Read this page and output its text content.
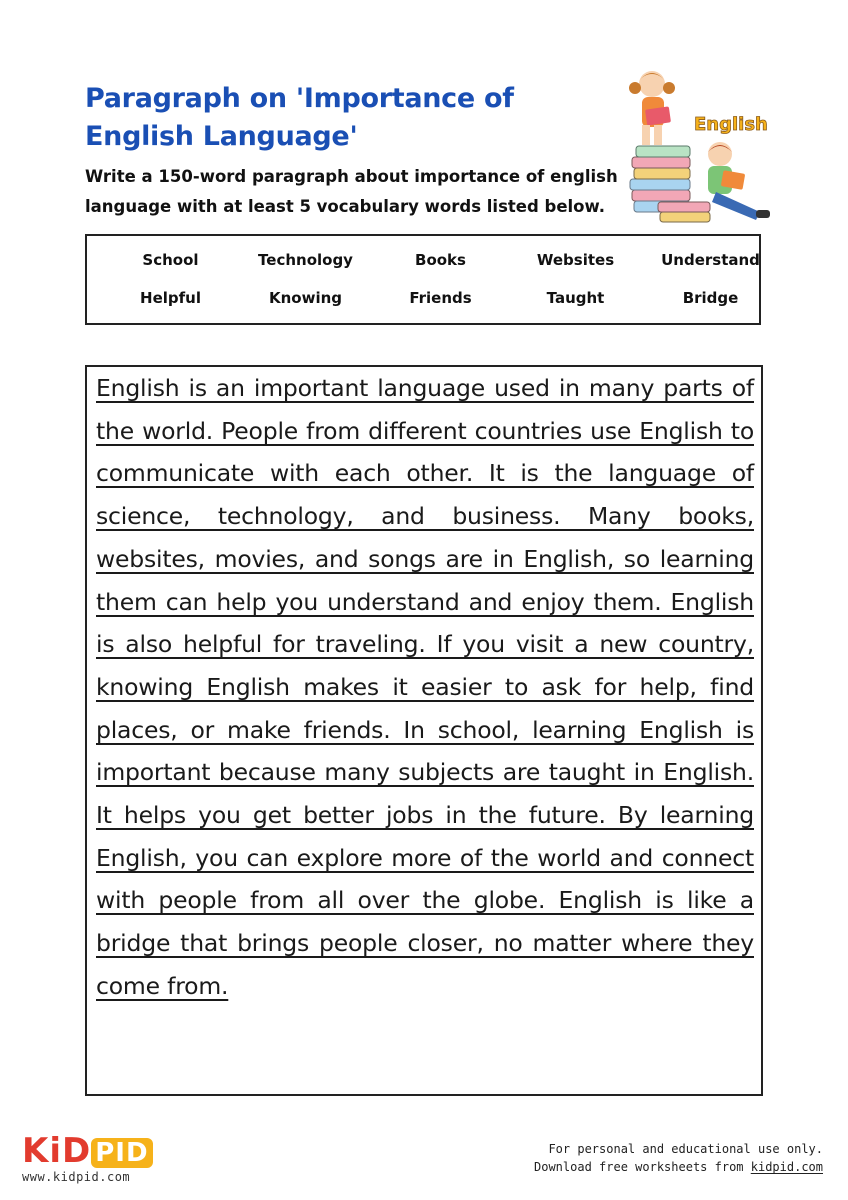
Paragraph on 'Importance of English Language'
Write a 150-word paragraph about importance of english language with at least 5 vocabulary words listed below.
English
School	Technology	Books	Websites	Understand
Helpful	Knowing	Friends	Taught	Bridge
English is an important language used in many parts of the world. People from different countries use English to communicate with each other. It is the language of science, technology, and business. Many books, websites, movies, and songs are in English, so learning them can help you understand and enjoy them. English is also helpful for traveling. If you visit a new country, knowing English makes it easier to ask for help, find places, or make friends. In school, learning English is important because many subjects are taught in English. It helps you get better jobs in the future. By learning English, you can explore more of the world and connect with people from all over the globe. English is like a bridge that brings people closer, no matter where they come from.
KiD PID
www.kidpid.com
For personal and educational use only.
Download free worksheets from kidpid.com
